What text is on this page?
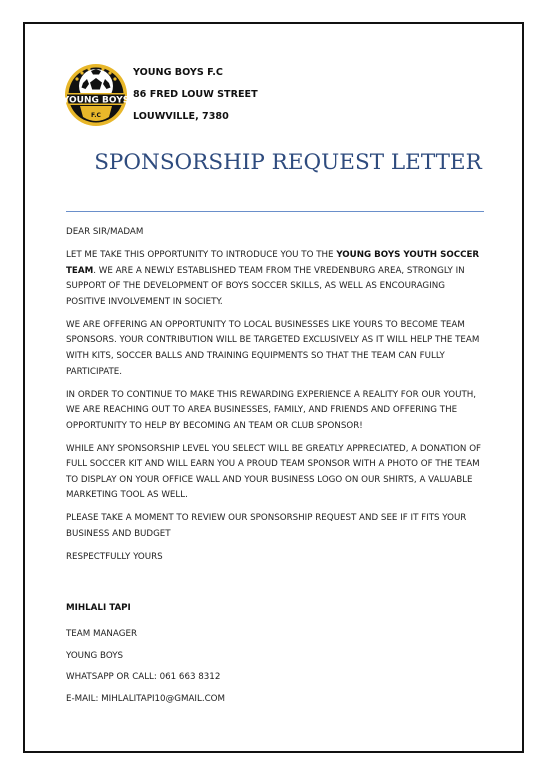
YOUNG BOYS
F.C
YOUNG BOYS F.C
86 FRED LOUW STREET
LOUWVILLE, 7380
SPONSORSHIP REQUEST LETTER

DEAR SIR/MADAM

LET ME TAKE THIS OPPORTUNITY TO INTRODUCE YOU TO THE YOUNG BOYS YOUTH SOCCER TEAM. WE ARE A NEWLY ESTABLISHED TEAM FROM THE VREDENBURG AREA, STRONGLY IN SUPPORT OF THE DEVELOPMENT OF BOYS SOCCER SKILLS, AS WELL AS ENCOURAGING POSITIVE INVOLVEMENT IN SOCIETY.

WE ARE OFFERING AN OPPORTUNITY TO LOCAL BUSINESSES LIKE YOURS TO BECOME TEAM SPONSORS. YOUR CONTRIBUTION WILL BE TARGETED EXCLUSIVELY AS IT WILL HELP THE TEAM WITH KITS, SOCCER BALLS AND TRAINING EQUIPMENTS SO THAT THE TEAM CAN FULLY PARTICIPATE.

IN ORDER TO CONTINUE TO MAKE THIS REWARDING EXPERIENCE A REALITY FOR OUR YOUTH, WE ARE REACHING OUT TO AREA BUSINESSES, FAMILY, AND FRIENDS AND OFFERING THE OPPORTUNITY TO HELP BY BECOMING AN TEAM OR CLUB SPONSOR!

WHILE ANY SPONSORSHIP LEVEL YOU SELECT WILL BE GREATLY APPRECIATED, A DONATION OF FULL SOCCER KIT AND WILL EARN YOU A PROUD TEAM SPONSOR WITH A PHOTO OF THE TEAM TO DISPLAY ON YOUR OFFICE WALL AND YOUR BUSINESS LOGO ON OUR SHIRTS, A VALUABLE MARKETING TOOL AS WELL.

PLEASE TAKE A MOMENT TO REVIEW OUR SPONSORSHIP REQUEST AND SEE IF IT FITS YOUR BUSINESS AND BUDGET

RESPECTFULLY YOURS

MIHLALI TAPI
TEAM MANAGER
YOUNG BOYS
WHATSAPP OR CALL: 061 663 8312
E-MAIL: MIHLALITAPI10@GMAIL.COM
